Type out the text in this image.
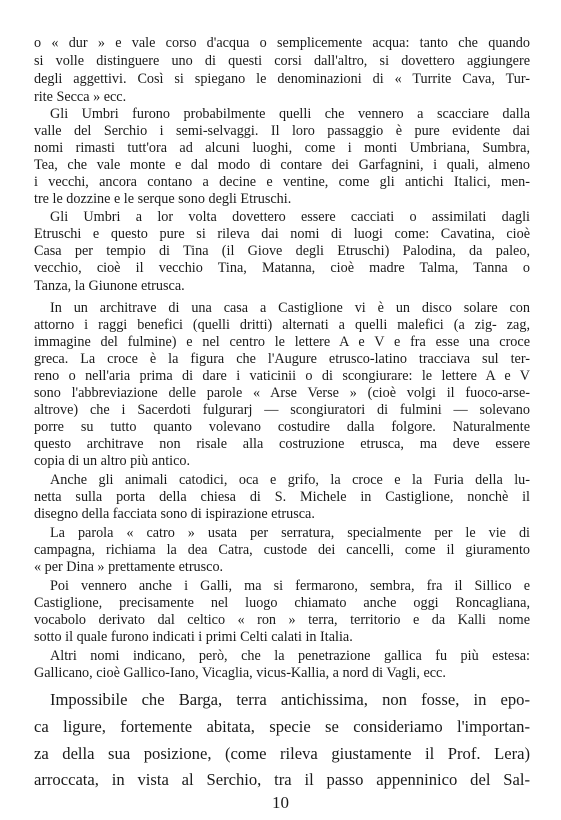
o « dur » e vale corso d'acqua o semplicemente acqua: tanto che quando
si volle distinguere uno di questi corsi dall'altro, si dovettero aggiungere
degli aggettivi. Così si spiegano le denominazioni di « Turrite Cava, Tur-
rite Secca » ecc.
Gli Umbri furono probabilmente quelli che vennero a scacciare dalla
valle del Serchio i semi-selvaggi. Il loro passaggio è pure evidente dai
nomi rimasti tutt'ora ad alcuni luoghi, come i monti Umbriana, Sumbra,
Tea, che vale monte e dal modo di contare dei Garfagnini, i quali, almeno
i vecchi, ancora contano a decine e ventine, come gli antichi Italici, men-
tre le dozzine e le serque sono degli Etruschi.
Gli Umbri a lor volta dovettero essere cacciati o assimilati dagli
Etruschi e questo pure si rileva dai nomi di luogi come: Cavatina, cioè
Casa per tempio di Tina (il Giove degli Etruschi) Palodina, da paleo,
vecchio, cioè il vecchio Tina, Matanna, cioè madre Talma, Tanna o
Tanza, la Giunone etrusca.
In un architrave di una casa a Castiglione vi è un disco solare con
attorno i raggi benefici (quelli dritti) alternati a quelli malefici (a zig- zag,
immagine del fulmine) e nel centro le lettere A e V e fra esse una croce
greca. La croce è la figura che l'Augure etrusco-latino tracciava sul ter-
reno o nell'aria prima di dare i vaticinii o di scongiurare: le lettere A e V
sono l'abbreviazione delle parole « Arse Verse » (cioè volgi il fuoco-arse-
altrove) che i Sacerdoti fulgurarj — scongiuratori di fulmini — solevano
porre su tutto quanto volevano costudire dalla folgore. Naturalmente
questo architrave non risale alla costruzione etrusca, ma deve essere
copia di un altro più antico.
Anche gli animali catodici, oca e grifo, la croce e la Furia della lu-
netta sulla porta della chiesa di S. Michele in Castiglione, nonchè il
disegno della facciata sono di ispirazione etrusca.
La parola « catro » usata per serratura, specialmente per le vie di
campagna, richiama la dea Catra, custode dei cancelli, come il giuramento
« per Dina » prettamente etrusco.
Poi vennero anche i Galli, ma si fermarono, sembra, fra il Sillico e
Castiglione, precisamente nel luogo chiamato anche oggi Roncagliana,
vocabolo derivato dal celtico « ron » terra, territorio e da Kalli nome
sotto il quale furono indicati i primi Celti calati in Italia.
Altri nomi indicano, però, che la penetrazione gallica fu più estesa:
Gallicano, cioè Gallico-Iano, Vicaglia, vicus-Kallia, a nord di Vagli, ecc.
Impossibile che Barga, terra antichissima, non fosse, in epo-
ca ligure, fortemente abitata, specie se consideriamo l'importan-
za della sua posizione, (come rileva giustamente il Prof. Lera)
arroccata, in vista al Serchio, tra il passo appenninico del Sal-
10
